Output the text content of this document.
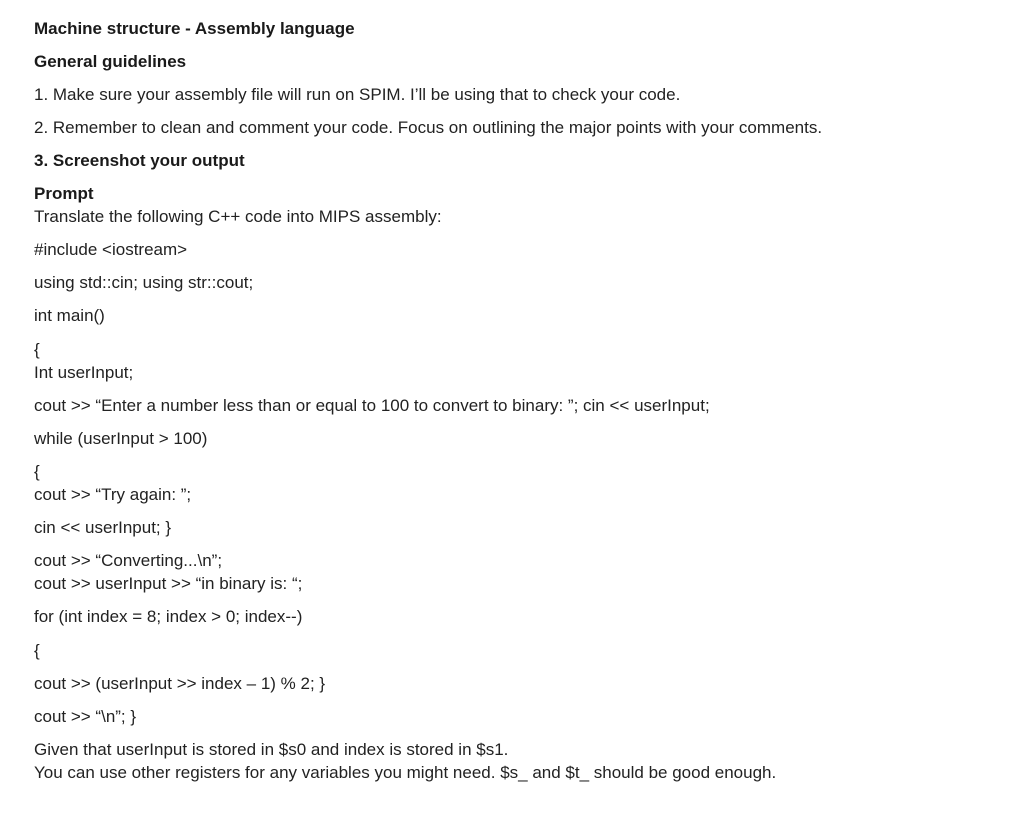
Machine structure - Assembly language
General guidelines
1. Make sure your assembly file will run on SPIM. I’ll be using that to check your code.
2. Remember to clean and comment your code. Focus on outlining the major points with your comments.
3. Screenshot your output
Prompt
Translate the following C++ code into MIPS assembly:
#include <iostream>
using std::cin; using str::cout;
int main()
{
Int userInput;
cout >> “Enter a number less than or equal to 100 to convert to binary: ”; cin << userInput;
while (userInput > 100)
{
cout >> “Try again: ”;
cin << userInput; }
cout >> “Converting...\n”;
cout >> userInput >> “in binary is: “;
for (int index = 8; index > 0; index--)
{
cout >> (userInput >> index – 1) % 2; }
cout >> “\n”; }
Given that userInput is stored in $s0 and index is stored in $s1.
You can use other registers for any variables you might need. $s_ and $t_ should be good enough.
